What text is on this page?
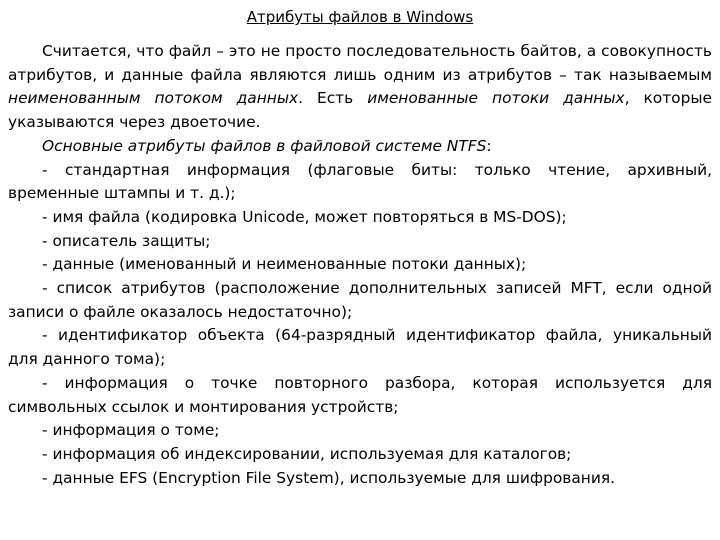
Атрибуты файлов в Windows

Считается, что файл – это не просто последовательность байтов, а совокупность атрибутов, и данные файла являются лишь одним из атрибутов – так называемым неименованным потоком данных. Есть именованные потоки данных, которые указываются через двоеточие.

Основные атрибуты файлов в файловой системе NTFS:

- стандартная информация (флаговые биты: только чтение, архивный, временные штампы и т. д.);

- имя файла (кодировка Unicode, может повторяться в MS-DOS);

- описатель защиты;

- данные (именованный и неименованные потоки данных);

- список атрибутов (расположение дополнительных записей MFT, если одной записи о файле оказалось недостаточно);

- идентификатор объекта (64-разрядный идентификатор файла, уникальный для данного тома);

- информация о точке повторного разбора, которая используется для символьных ссылок и монтирования устройств;

- информация о томе;

- информация об индексировании, используемая для каталогов;

- данные EFS (Encryption File System), используемые для шифрования.
